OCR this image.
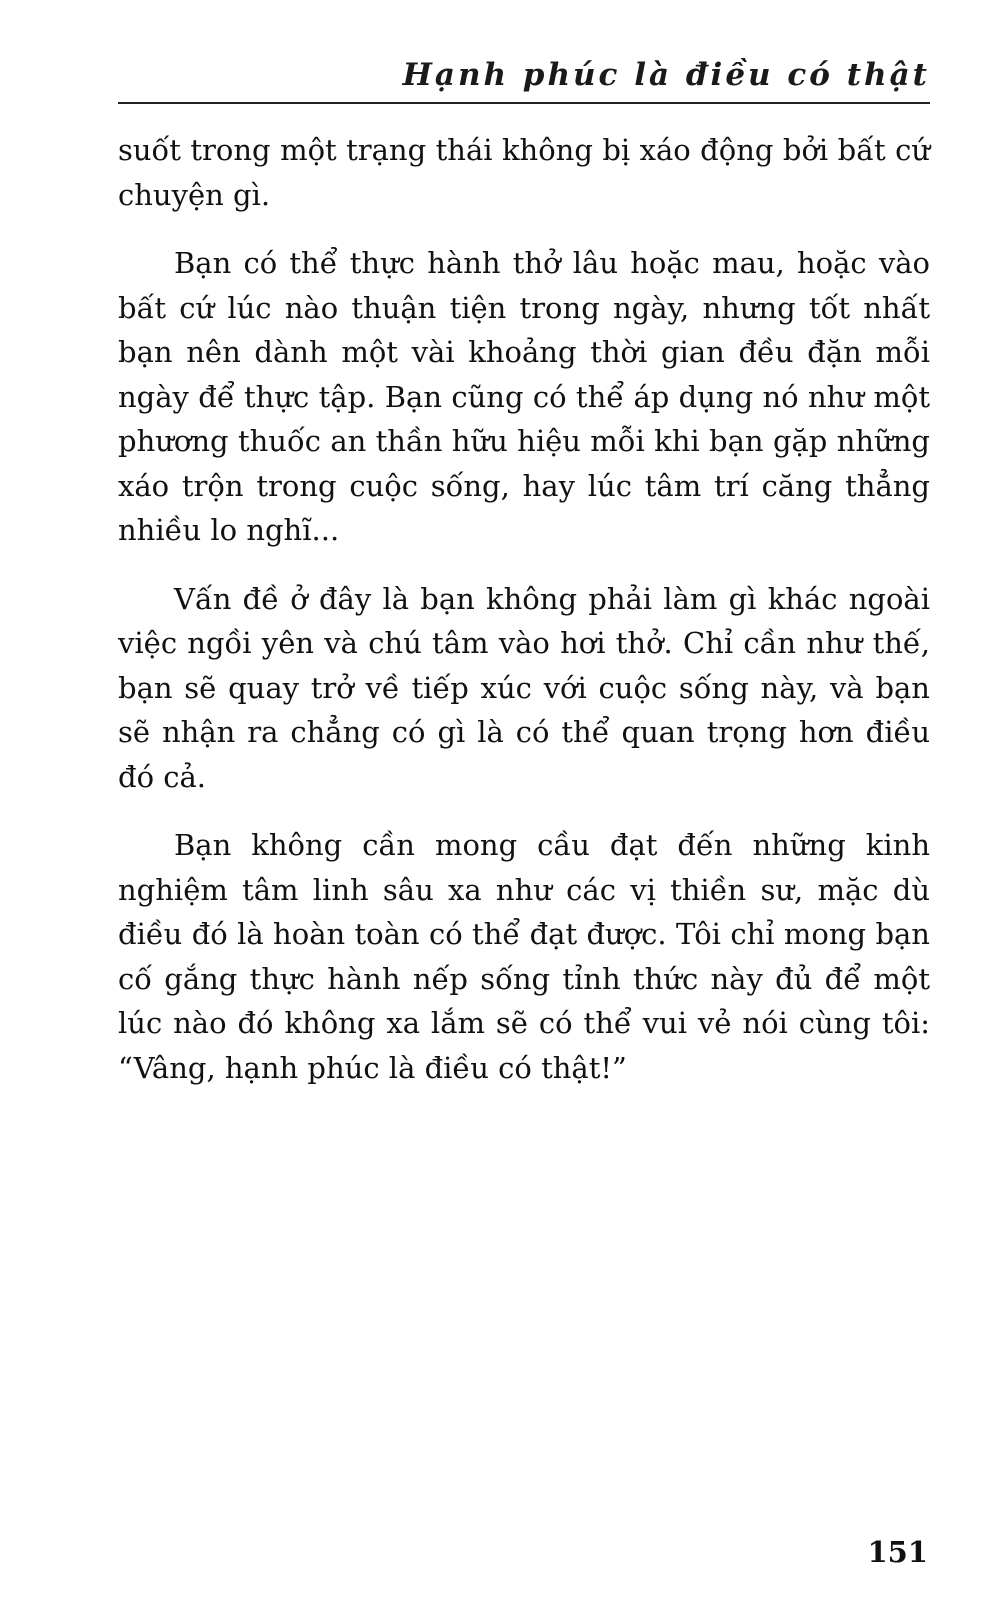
Hạnh phúc là điều có thật

suốt trong một trạng thái không bị xáo động bởi bất cứ chuyện gì.

Bạn có thể thực hành thở lâu hoặc mau, hoặc vào bất cứ lúc nào thuận tiện trong ngày, nhưng tốt nhất bạn nên dành một vài khoảng thời gian đều đặn mỗi ngày để thực tập. Bạn cũng có thể áp dụng nó như một phương thuốc an thần hữu hiệu mỗi khi bạn gặp những xáo trộn trong cuộc sống, hay lúc tâm trí căng thẳng nhiều lo nghĩ...

Vấn đề ở đây là bạn không phải làm gì khác ngoài việc ngồi yên và chú tâm vào hơi thở. Chỉ cần như thế, bạn sẽ quay trở về tiếp xúc với cuộc sống này, và bạn sẽ nhận ra chẳng có gì là có thể quan trọng hơn điều đó cả.

Bạn không cần mong cầu đạt đến những kinh nghiệm tâm linh sâu xa như các vị thiền sư, mặc dù điều đó là hoàn toàn có thể đạt được. Tôi chỉ mong bạn cố gắng thực hành nếp sống tỉnh thức này đủ để một lúc nào đó không xa lắm sẽ có thể vui vẻ nói cùng tôi: “Vâng, hạnh phúc là điều có thật!”

151
